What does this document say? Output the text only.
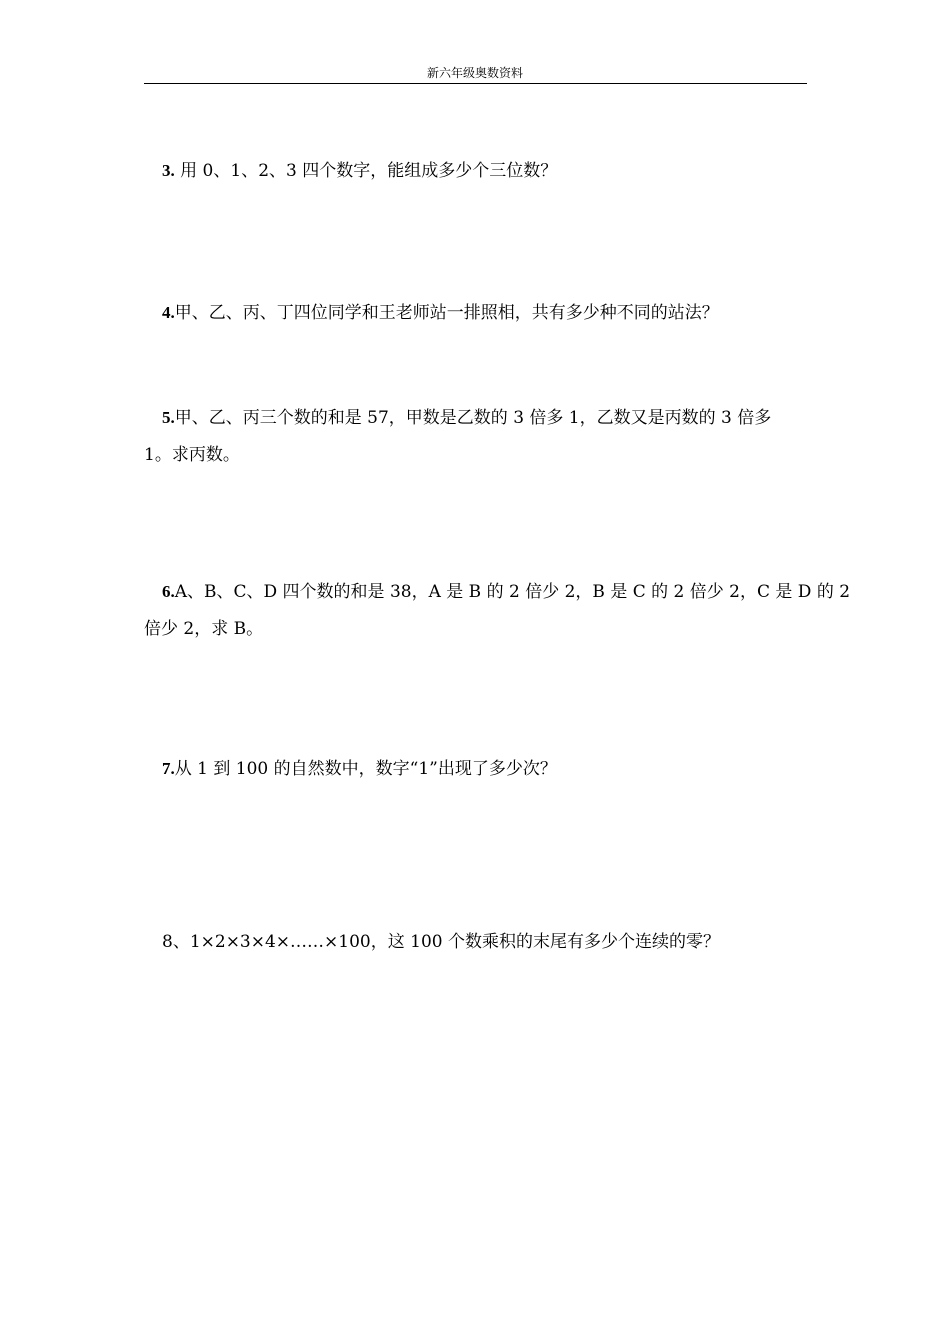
新六年级奥数资料
3. 用 0、1、2、3 四个数字，能组成多少个三位数？
4.甲、乙、丙、丁四位同学和王老师站一排照相，共有多少种不同的站法？
5.甲、乙、丙三个数的和是 57，甲数是乙数的 3 倍多 1，乙数又是丙数的 3 倍多
1。求丙数。
6.A、B、C、D 四个数的和是 38，A 是 B 的 2 倍少 2，B 是 C 的 2 倍少 2，C 是 D 的 2
倍少 2，求 B。
7.从 1 到 100 的自然数中，数字“1”出现了多少次？
8、1×2×3×4×……×100，这 100 个数乘积的末尾有多少个连续的零？
